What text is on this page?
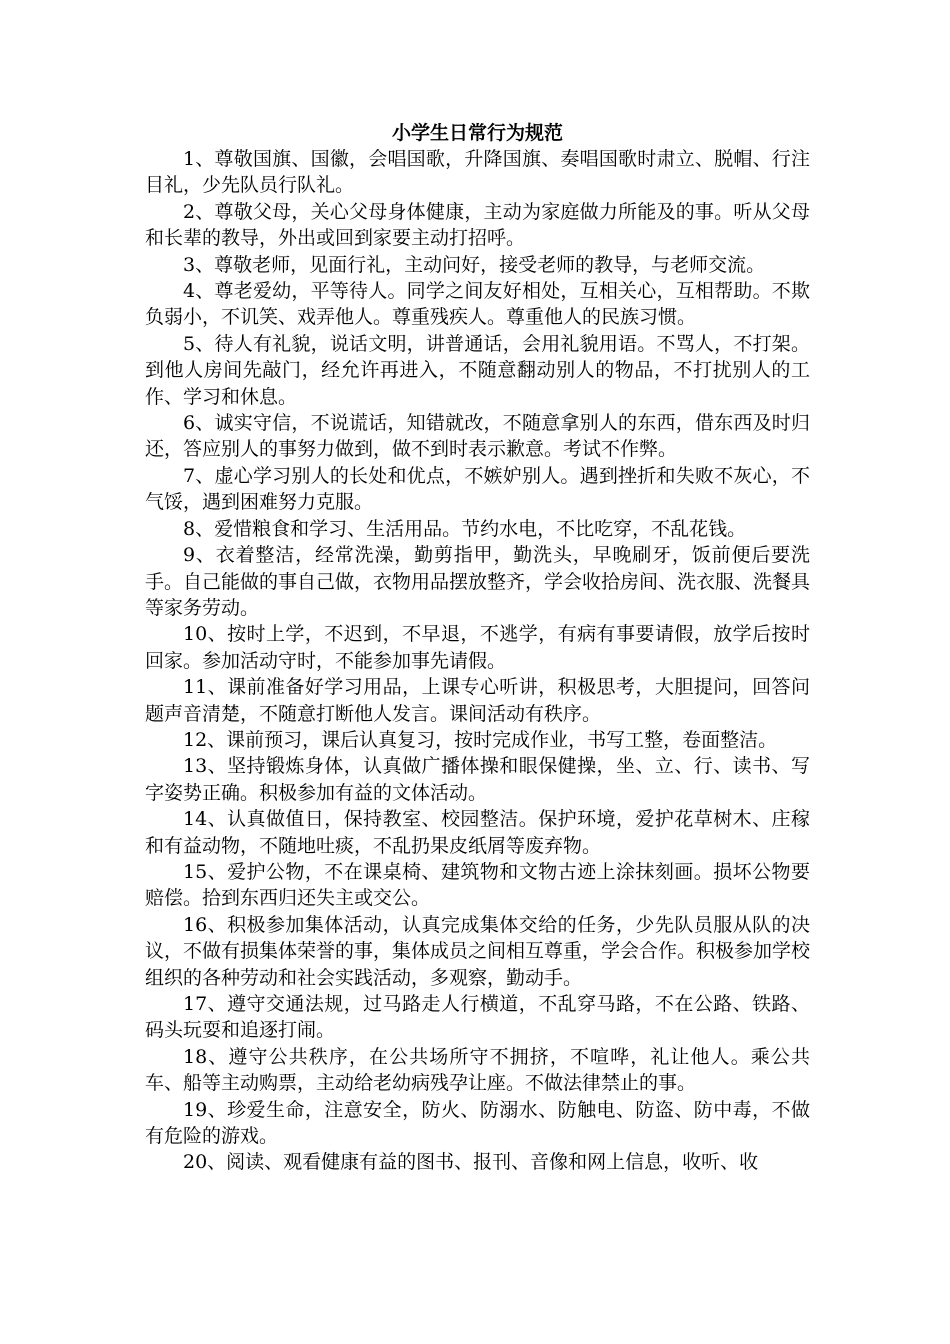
小学生日常行为规范

1、尊敬国旗、国徽，会唱国歌，升降国旗、奏唱国歌时肃立、脱帽、行注目礼，少先队员行队礼。

2、尊敬父母，关心父母身体健康，主动为家庭做力所能及的事。听从父母和长辈的教导，外出或回到家要主动打招呼。

3、尊敬老师，见面行礼，主动问好，接受老师的教导，与老师交流。

4、尊老爱幼，平等待人。同学之间友好相处，互相关心，互相帮助。不欺负弱小，不讥笑、戏弄他人。尊重残疾人。尊重他人的民族习惯。

5、待人有礼貌，说话文明，讲普通话，会用礼貌用语。不骂人，不打架。到他人房间先敲门，经允许再进入，不随意翻动别人的物品，不打扰别人的工作、学习和休息。

6、诚实守信，不说谎话，知错就改，不随意拿别人的东西，借东西及时归还，答应别人的事努力做到，做不到时表示歉意。考试不作弊。

7、虚心学习别人的长处和优点，不嫉妒别人。遇到挫折和失败不灰心，不气馁，遇到困难努力克服。

8、爱惜粮食和学习、生活用品。节约水电，不比吃穿，不乱花钱。

9、衣着整洁，经常洗澡，勤剪指甲，勤洗头，早晚刷牙，饭前便后要洗手。自己能做的事自己做，衣物用品摆放整齐，学会收拾房间、洗衣服、洗餐具等家务劳动。

10、按时上学，不迟到，不早退，不逃学，有病有事要请假，放学后按时回家。参加活动守时，不能参加事先请假。

11、课前准备好学习用品，上课专心听讲，积极思考，大胆提问，回答问题声音清楚，不随意打断他人发言。课间活动有秩序。

12、课前预习，课后认真复习，按时完成作业，书写工整，卷面整洁。

13、坚持锻炼身体，认真做广播体操和眼保健操，坐、立、行、读书、写字姿势正确。积极参加有益的文体活动。

14、认真做值日，保持教室、校园整洁。保护环境，爱护花草树木、庄稼和有益动物，不随地吐痰，不乱扔果皮纸屑等废弃物。

15、爱护公物，不在课桌椅、建筑物和文物古迹上涂抹刻画。损坏公物要赔偿。拾到东西归还失主或交公。

16、积极参加集体活动，认真完成集体交给的任务，少先队员服从队的决议，不做有损集体荣誉的事，集体成员之间相互尊重，学会合作。积极参加学校组织的各种劳动和社会实践活动，多观察，勤动手。

17、遵守交通法规，过马路走人行横道，不乱穿马路，不在公路、铁路、码头玩耍和追逐打闹。

18、遵守公共秩序，在公共场所守不拥挤，不喧哗，礼让他人。乘公共车、船等主动购票，主动给老幼病残孕让座。不做法律禁止的事。

19、珍爱生命，注意安全，防火、防溺水、防触电、防盗、防中毒，不做有危险的游戏。

20、阅读、观看健康有益的图书、报刊、音像和网上信息，收听、收
